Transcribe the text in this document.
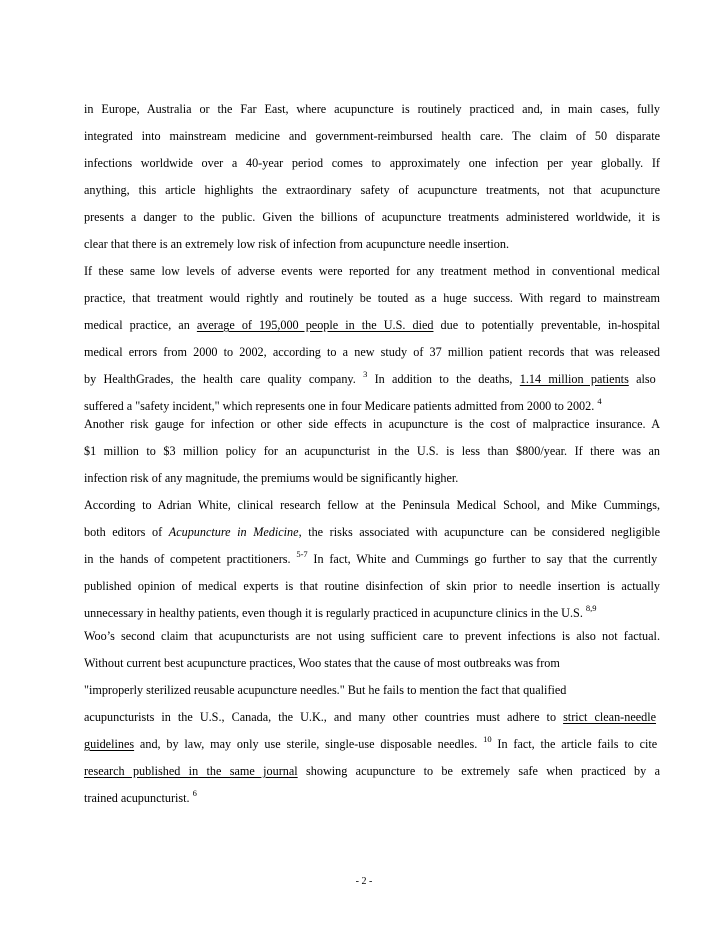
in Europe, Australia or the Far East, where acupuncture is routinely practiced and, in main cases, fully
integrated into mainstream medicine and government-reimbursed health care. The claim of 50 disparate
infections worldwide over a 40-year period comes to approximately one infection per year globally. If
anything, this article highlights the extraordinary safety of acupuncture treatments, not that acupuncture
presents a danger to the public. Given the billions of acupuncture treatments administered worldwide, it is
clear that there is an extremely low risk of infection from acupuncture needle insertion.
If these same low levels of adverse events were reported for any treatment method in conventional medical
practice, that treatment would rightly and routinely be touted as a huge success. With regard to mainstream
medical practice, an average of 195,000 people in the U.S. died due to potentially preventable, in-hospital
medical errors from 2000 to 2002, according to a new study of 37 million patient records that was released
by HealthGrades, the health care quality company. $^3$ In addition to the deaths, 1.14 million patients also
suffered a "safety incident," which represents one in four Medicare patients admitted from 2000 to 2002. $^4$
Another risk gauge for infection or other side effects in acupuncture is the cost of malpractice insurance. A
$1 million to $3 million policy for an acupuncturist in the U.S. is less than $800/year. If there was an
infection risk of any magnitude, the premiums would be significantly higher.
According to Adrian White, clinical research fellow at the Peninsula Medical School, and Mike Cummings,
both editors of Acupuncture in Medicine, the risks associated with acupuncture can be considered negligible
in the hands of competent practitioners. $^{5-7}$ In fact, White and Cummings go further to say that the currently
published opinion of medical experts is that routine disinfection of skin prior to needle insertion is actually
unnecessary in healthy patients, even though it is regularly practiced in acupuncture clinics in the U.S. $^{8,9}$
Woo’s second claim that acupuncturists are not using sufficient care to prevent infections is also not factual.
Without current best acupuncture practices, Woo states that the cause of most outbreaks was from
"improperly sterilized reusable acupuncture needles." But he fails to mention the fact that qualified
acupuncturists in the U.S., Canada, the U.K., and many other countries must adhere to strict clean-needle
guidelines and, by law, may only use sterile, single-use disposable needles. $^{10}$ In fact, the article fails to cite
research published in the same journal showing acupuncture to be extremely safe when practiced by a
trained acupuncturist. $^6$
- 2 -
